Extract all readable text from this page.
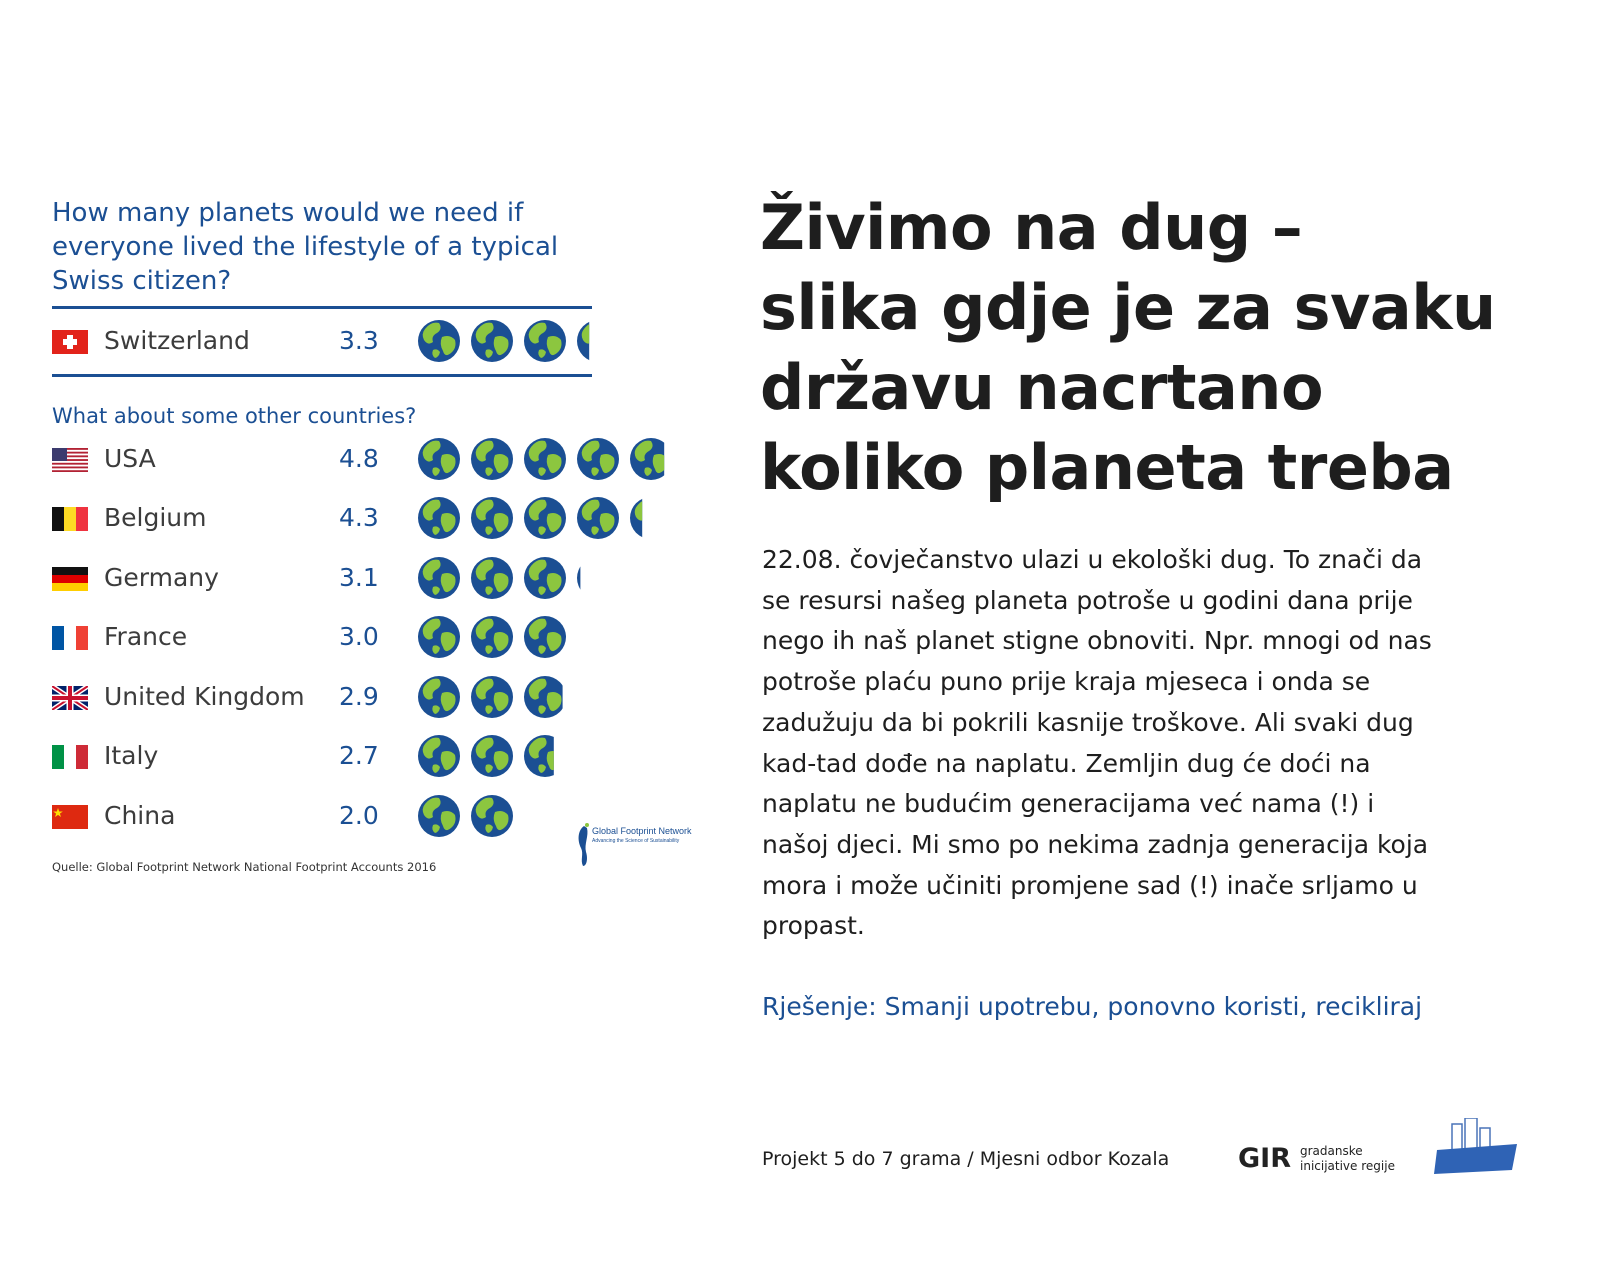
How many planets would we need if everyone lived the lifestyle of a typical Swiss citizen?

Switzerland	3.3

What about some other countries?

USA	4.8
Belgium	4.3
Germany	3.1
France	3.0
United Kingdom 2.9
Italy	2.7
China	2.0
Quelle: Global Footprint Network National Footprint Accounts 2016
Global Footprint Network
Advancing the Science of Sustainability
Živimo na dug –
slika gdje je za svaku
državu nacrtano
koliko planeta treba

22.08. čovječanstvo ulazi u ekološki dug. To znači da
se resursi našeg planeta potroše u godini dana prije
nego ih naš planet stigne obnoviti. Npr. mnogi od nas
potroše plaću puno prije kraja mjeseca i onda se
zadužuju da bi pokrili kasnije troškove. Ali svaki dug
kad-tad dođe na naplatu. Zemljin dug će doći na
naplatu ne budućim generacijama već nama (!) i
našoj djeci. Mi smo po nekima zadnja generacija koja
mora i može učiniti promjene sad (!) inače srljamo u
propast.

Rješenje: Smanji upotrebu, ponovno koristi, recikliraj

Projekt 5 do 7 grama / Mjesni odbor Kozala	GIR gradanske
inicijative regije
